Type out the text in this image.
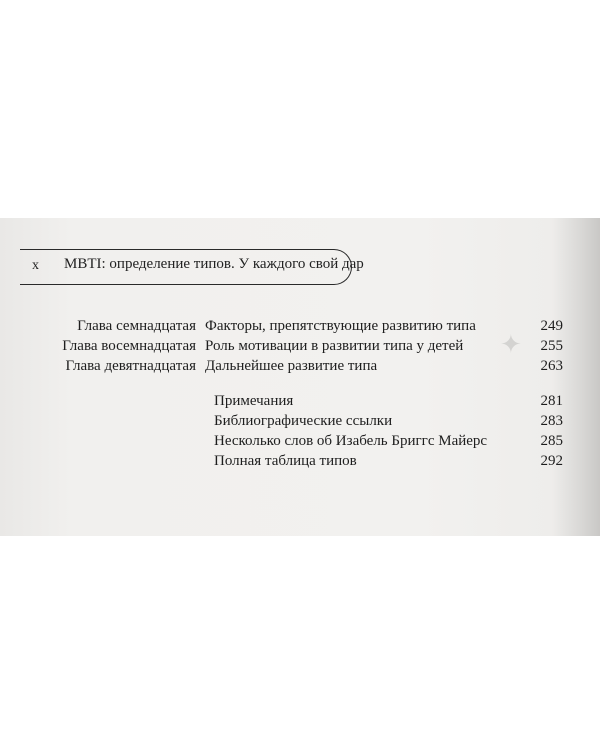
x MBTI: определение типов. У каждого свой дар
✦
Глава семнадцатая Факторы, препятствующие развитию типа	249
Глава восемнадцатая Роль мотивации в развитии типа у детей	255
Глава девятнадцатая Дальнейшее развитие типа	263
Примечания	281
Библиографические ссылки	283
Несколько слов об Изабель Бриггс Майерс	285
Полная таблица типов	292
